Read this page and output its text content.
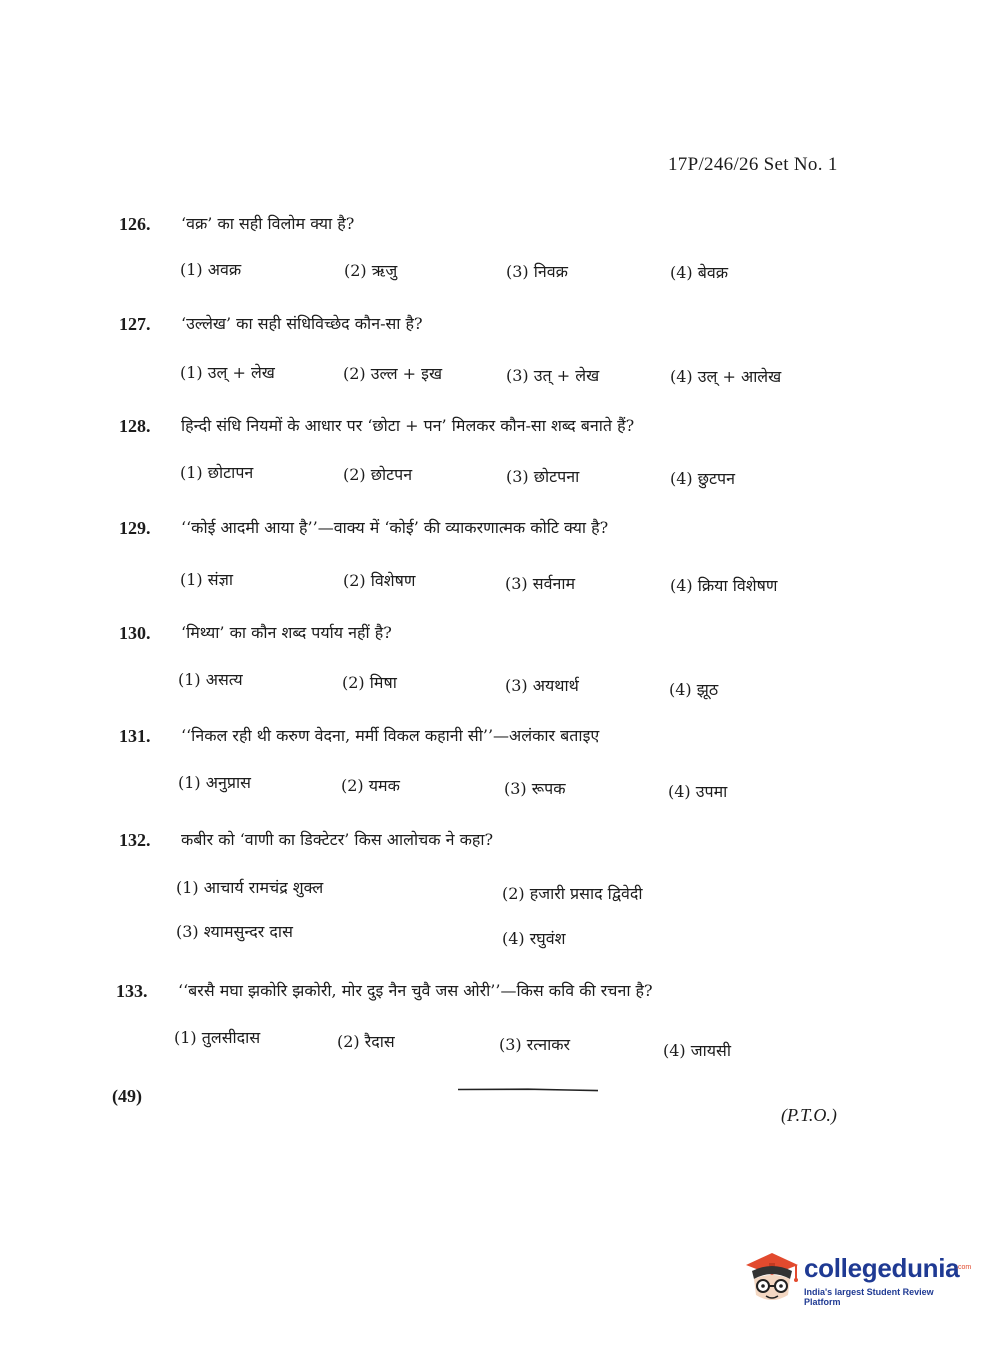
17P/246/26 Set No. 1
126.	‘वक्र’ का सही विलोम क्या है?
(1) अवक्र	(2) ऋजु	(3) निवक्र	(4) बेवक्र
127.	‘उल्लेख’ का सही संधिविच्छेद कौन-सा है?
(1) उल् + लेख	(2) उल्ल + इख	(3) उत् + लेख	(4) उल् + आलेख
128.	हिन्दी संधि नियमों के आधार पर ‘छोटा + पन’ मिलकर कौन-सा शब्द बनाते हैं?
(1) छोटापन	(2) छोटपन	(3) छोटपना	(4) छुटपन
129.	‘‘कोई आदमी आया है’’—वाक्य में ‘कोई’ की व्याकरणात्मक कोटि क्या है?
(1) संज्ञा	(2) विशेषण	(3) सर्वनाम	(4) क्रिया विशेषण
130.	‘मिथ्या’ का कौन शब्द पर्याय नहीं है?
(1) असत्य	(2) मिषा	(3) अयथार्थ	(4) झूठ
131.	‘‘निकल रही थी करुण वेदना, मर्मी विकल कहानी सी’’—अलंकार बताइए
(1) अनुप्रास	(2) यमक	(3) रूपक	(4) उपमा
132.	कबीर को ‘वाणी का डिक्टेटर’ किस आलोचक ने कहा?
(1) आचार्य रामचंद्र शुक्ल	(2) हजारी प्रसाद द्विवेदी
(3) श्यामसुन्दर दास	(4) रघुवंश
133.	‘‘बरसै मघा झकोरि झकोरी, मोर दुइ नैन चुवै जस ओरी’’—किस कवि की रचना है?
(1) तुलसीदास	(2) रैदास	(3) रत्नाकर	(4) जायसी
(49)
(P.T.O.)
collegedunia
.com
India's largest Student Review Platform
